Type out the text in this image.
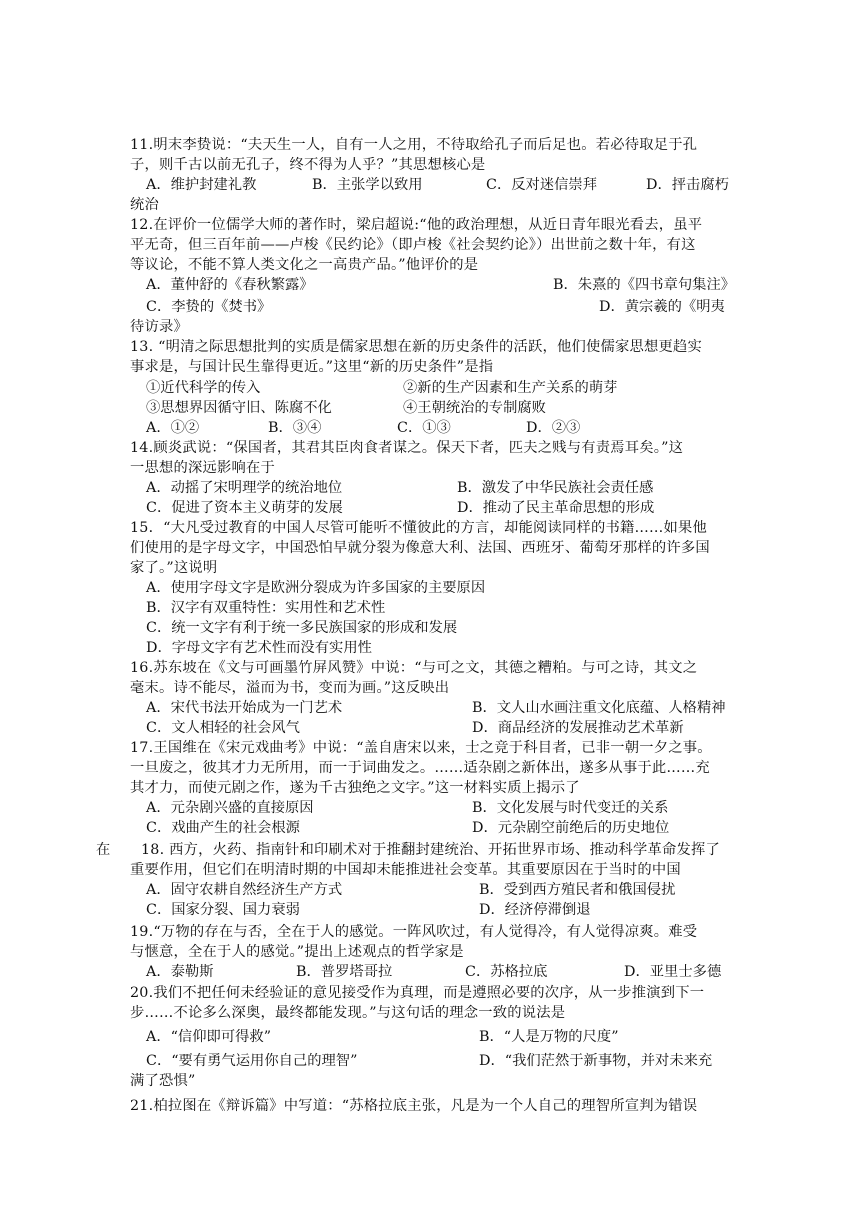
11.明末李贽说：“夫天生一人，自有一人之用，不待取给孔子而后足也。若必待取足于孔
子，则千古以前无孔子，终不得为人乎？”其思想核心是
A．维护封建礼教	B．主张学以致用	C．反对迷信崇拜	D．抨击腐朽
统治
12.在评价一位儒学大师的著作时，梁启超说:“他的政治理想，从近日青年眼光看去，虽平
平无奇，但三百年前——卢梭《民约论》（即卢梭《社会契约论》）出世前之数十年，有这
等议论，不能不算人类文化之一高贵产品。”他评价的是
A．董仲舒的《春秋繁露》	B．朱熹的《四书章句集注》
C．李贽的《焚书》	D．黄宗羲的《明夷
待访录》
13. “明清之际思想批判的实质是儒家思想在新的历史条件的活跃，他们使儒家思想更趋实
事求是，与国计民生靠得更近。”这里“新的历史条件”是指
①近代科学的传入	②新的生产因素和生产关系的萌芽
③思想界因循守旧、陈腐不化	④王朝统治的专制腐败
A．①②	B．③④	C．①③	D．②③
14.顾炎武说：“保国者，其君其臣肉食者谋之。保天下者，匹夫之贱与有责焉耳矣。”这
一思想的深远影响在于
A．动摇了宋明理学的统治地位	B．激发了中华民族社会责任感
C．促进了资本主义萌芽的发展	D．推动了民主革命思想的形成
15．“大凡受过教育的中国人尽管可能听不懂彼此的方言，却能阅读同样的书籍……如果他
们使用的是字母文字，中国恐怕早就分裂为像意大利、法国、西班牙、葡萄牙那样的许多国
家了。”这说明
A．使用字母文字是欧洲分裂成为许多国家的主要原因
B．汉字有双重特性：实用性和艺术性
C．统一文字有利于统一多民族国家的形成和发展
D．字母文字有艺术性而没有实用性
16.苏东坡在《文与可画墨竹屏风赞》中说：“与可之文，其德之糟粕。与可之诗，其文之
毫末。诗不能尽，溢而为书，变而为画。”这反映出
A．宋代书法开始成为一门艺术	B．文人山水画注重文化底蕴、人格精神
C．文人相轻的社会风气	D．商品经济的发展推动艺术革新
17.王国维在《宋元戏曲考》中说：“盖自唐宋以来，士之竞于科目者，已非一朝一夕之事。
一旦废之，彼其才力无所用，而一于词曲发之。……适杂剧之新体出，遂多从事于此……充
其才力，而使元剧之作，遂为千古独绝之文字。”这一材料实质上揭示了
A．元杂剧兴盛的直接原因	B．文化发展与时代变迁的关系
C．戏曲产生的社会根源	D．元杂剧空前绝后的历史地位
在 18. 西方，火药、指南针和印刷术对于推翻封建统治、开拓世界市场、推动科学革命发挥了
重要作用，但它们在明清时期的中国却未能推进社会变革。其重要原因在于当时的中国
A．固守农耕自然经济生产方式	B．受到西方殖民者和俄国侵扰
C．国家分裂、国力衰弱	D．经济停滞倒退
19.“万物的存在与否，全在于人的感觉。一阵风吹过，有人觉得冷，有人觉得凉爽。难受
与惬意，全在于人的感觉。”提出上述观点的哲学家是
A．泰勒斯	B．普罗塔哥拉	C．苏格拉底	D．亚里士多德
20.我们不把任何未经验证的意见接受作为真理，而是遵照必要的次序，从一步推演到下一
步……不论多么深奥，最终都能发现。”与这句话的理念一致的说法是
A．“信仰即可得救”	B．“人是万物的尺度”
C．“要有勇气运用你自己的理智”	D．“我们茫然于新事物，并对未来充
满了恐惧”
21.柏拉图在《辩诉篇》中写道：“苏格拉底主张，凡是为一个人自己的理智所宣判为错误
